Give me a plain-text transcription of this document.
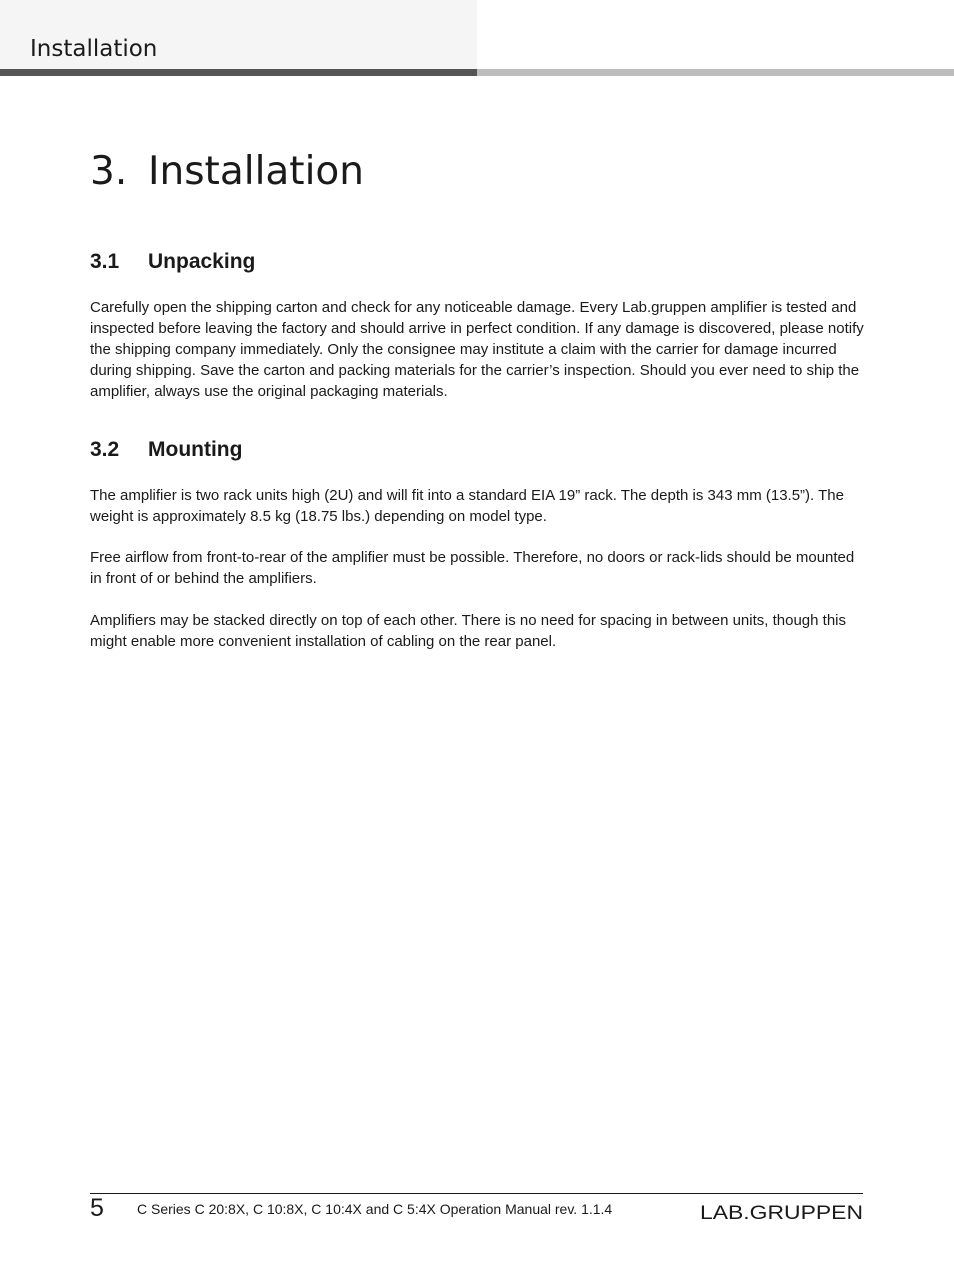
Installation
3. Installation
3.1 Unpacking

Carefully open the shipping carton and check for any noticeable damage. Every Lab.gruppen amplifier is tested and inspected before leaving the factory and should arrive in perfect condition. If any damage is discovered, please notify the shipping company immediately. Only the consignee may institute a claim with the carrier for damage incurred during shipping. Save the carton and packing materials for the carrier’s inspection. Should you ever need to ship the amplifier, always use the original packaging materials.

3.2 Mounting

The amplifier is two rack units high (2U) and will fit into a standard EIA 19” rack. The depth is 343 mm (13.5”). The weight is approximately 8.5 kg (18.75 lbs.) depending on model type.

Free airflow from front-to-rear of the amplifier must be possible. Therefore, no doors or rack-lids should be mounted in front of or behind the amplifiers.

Amplifiers may be stacked directly on top of each other. There is no need for spacing in between units, though this might enable more convenient installation of cabling on the rear panel.

5 C Series C 20:8X, C 10:8X, C 10:4X and C 5:4X Operation Manual rev. 1.1.4	LAB.GRUPPEN
